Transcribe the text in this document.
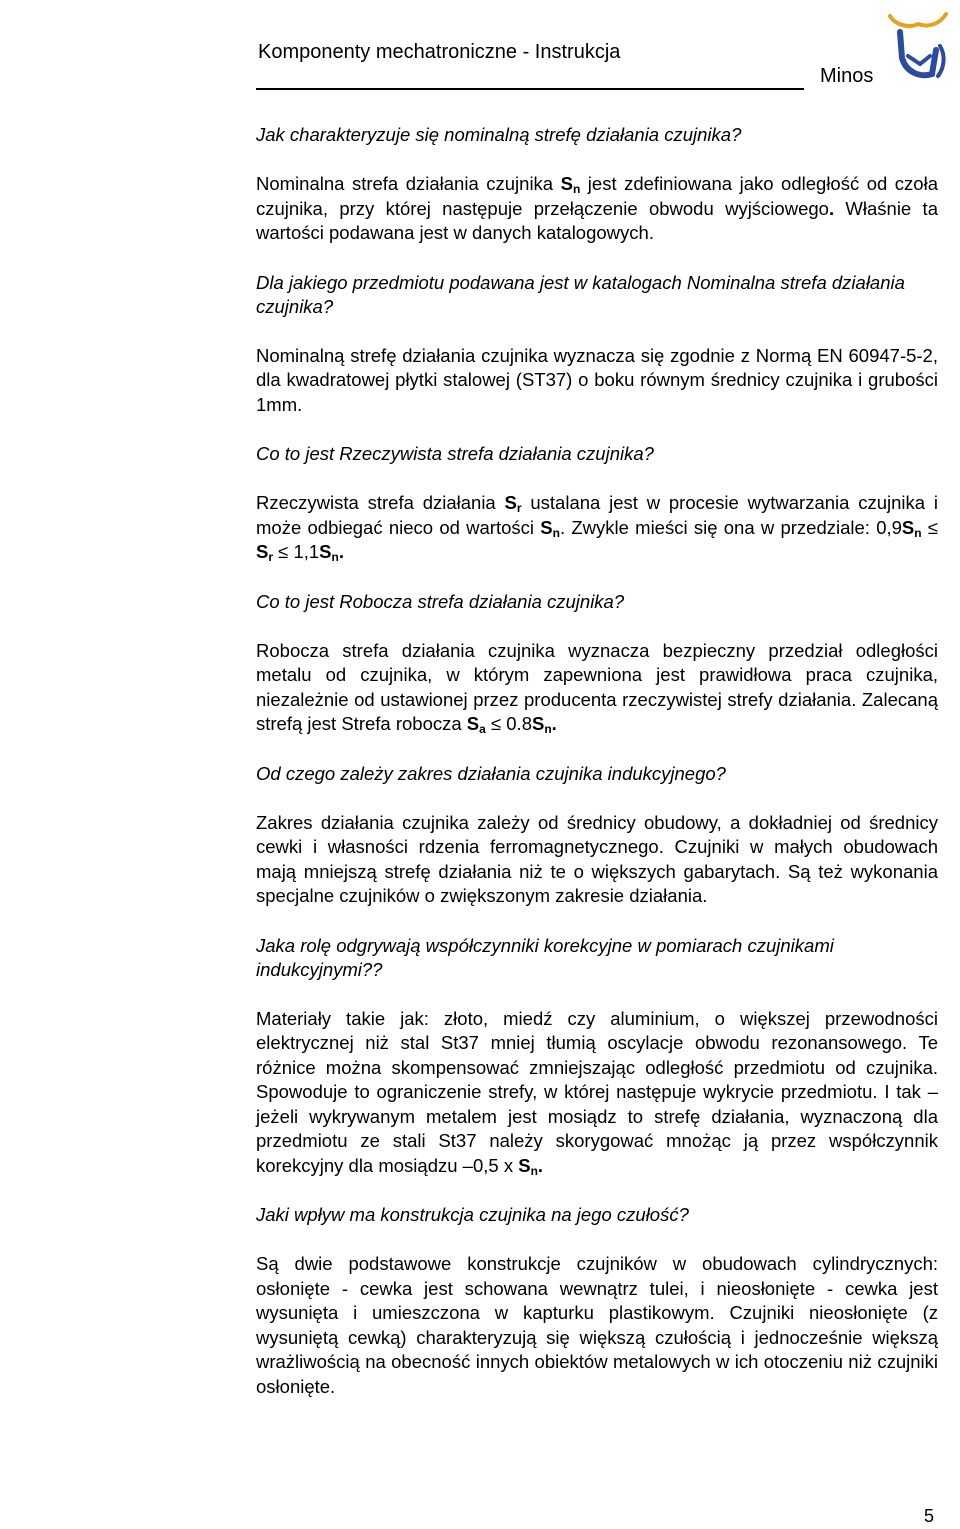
Komponenty mechatroniczne - Instrukcja
Minos

Jak charakteryzuje się nominalną strefę działania czujnika?

Nominalna strefa działania czujnika $S_n$ jest zdefiniowana jako odległość od czoła czujnika, przy której następuje przełączenie obwodu wyjściowego. Właśnie ta wartości podawana jest w danych katalogowych.

Dla jakiego przedmiotu podawana jest w katalogach Nominalna strefa działania czujnika?

Nominalną strefę działania czujnika wyznacza się zgodnie z Normą EN 60947-5-2, dla kwadratowej płytki stalowej (ST37) o boku równym średnicy czujnika i grubości 1mm.

Co to jest Rzeczywista strefa działania czujnika?

Rzeczywista strefa działania $S_r$ ustalana jest w procesie wytwarzania czujnika i może odbiegać nieco od wartości $S_n$. Zwykle mieści się ona w przedziale: $0,9S_n \le S_r \le 1,1S_n$.

Co to jest Robocza strefa działania czujnika?

Robocza strefa działania czujnika wyznacza bezpieczny przedział odległości metalu od czujnika, w którym zapewniona jest prawidłowa praca czujnika, niezależnie od ustawionej przez producenta rzeczywistej strefy działania. Zalecaną strefą jest Strefa robocza $S_a \le 0.8S_n$.

Od czego zależy zakres działania czujnika indukcyjnego?

Zakres działania czujnika zależy od średnicy obudowy, a dokładniej od średnicy cewki i własności rdzenia ferromagnetycznego. Czujniki w małych obudowach mają mniejszą strefę działania niż te o większych gabarytach. Są też wykonania specjalne czujników o zwiększonym zakresie działania.

Jaka rolę odgrywają współczynniki korekcyjne w pomiarach czujnikami indukcyjnymi??

Materiały takie jak: złoto, miedź czy aluminium, o większej przewodności elektrycznej niż stal St37 mniej tłumią oscylacje obwodu rezonansowego. Te różnice można skompensować zmniejszając odległość przedmiotu od czujnika. Spowoduje to ograniczenie strefy, w której następuje wykrycie przedmiotu. I tak – jeżeli wykrywanym metalem jest mosiądz to strefę działania, wyznaczoną dla przedmiotu ze stali St37 należy skorygować mnożąc ją przez współczynnik korekcyjny dla mosiądzu –0,5 x $S_n$.

Jaki wpływ ma konstrukcja czujnika na jego czułość?

Są dwie podstawowe konstrukcje czujników w obudowach cylindrycznych: osłonięte - cewka jest schowana wewnątrz tulei, i nieosłonięte - cewka jest wysunięta i umieszczona w kapturku plastikowym. Czujniki nieosłonięte (z wysuniętą cewką) charakteryzują się większą czułością i jednocześnie większą wrażliwością na obecność innych obiektów metalowych w ich otoczeniu niż czujniki osłonięte.

5
